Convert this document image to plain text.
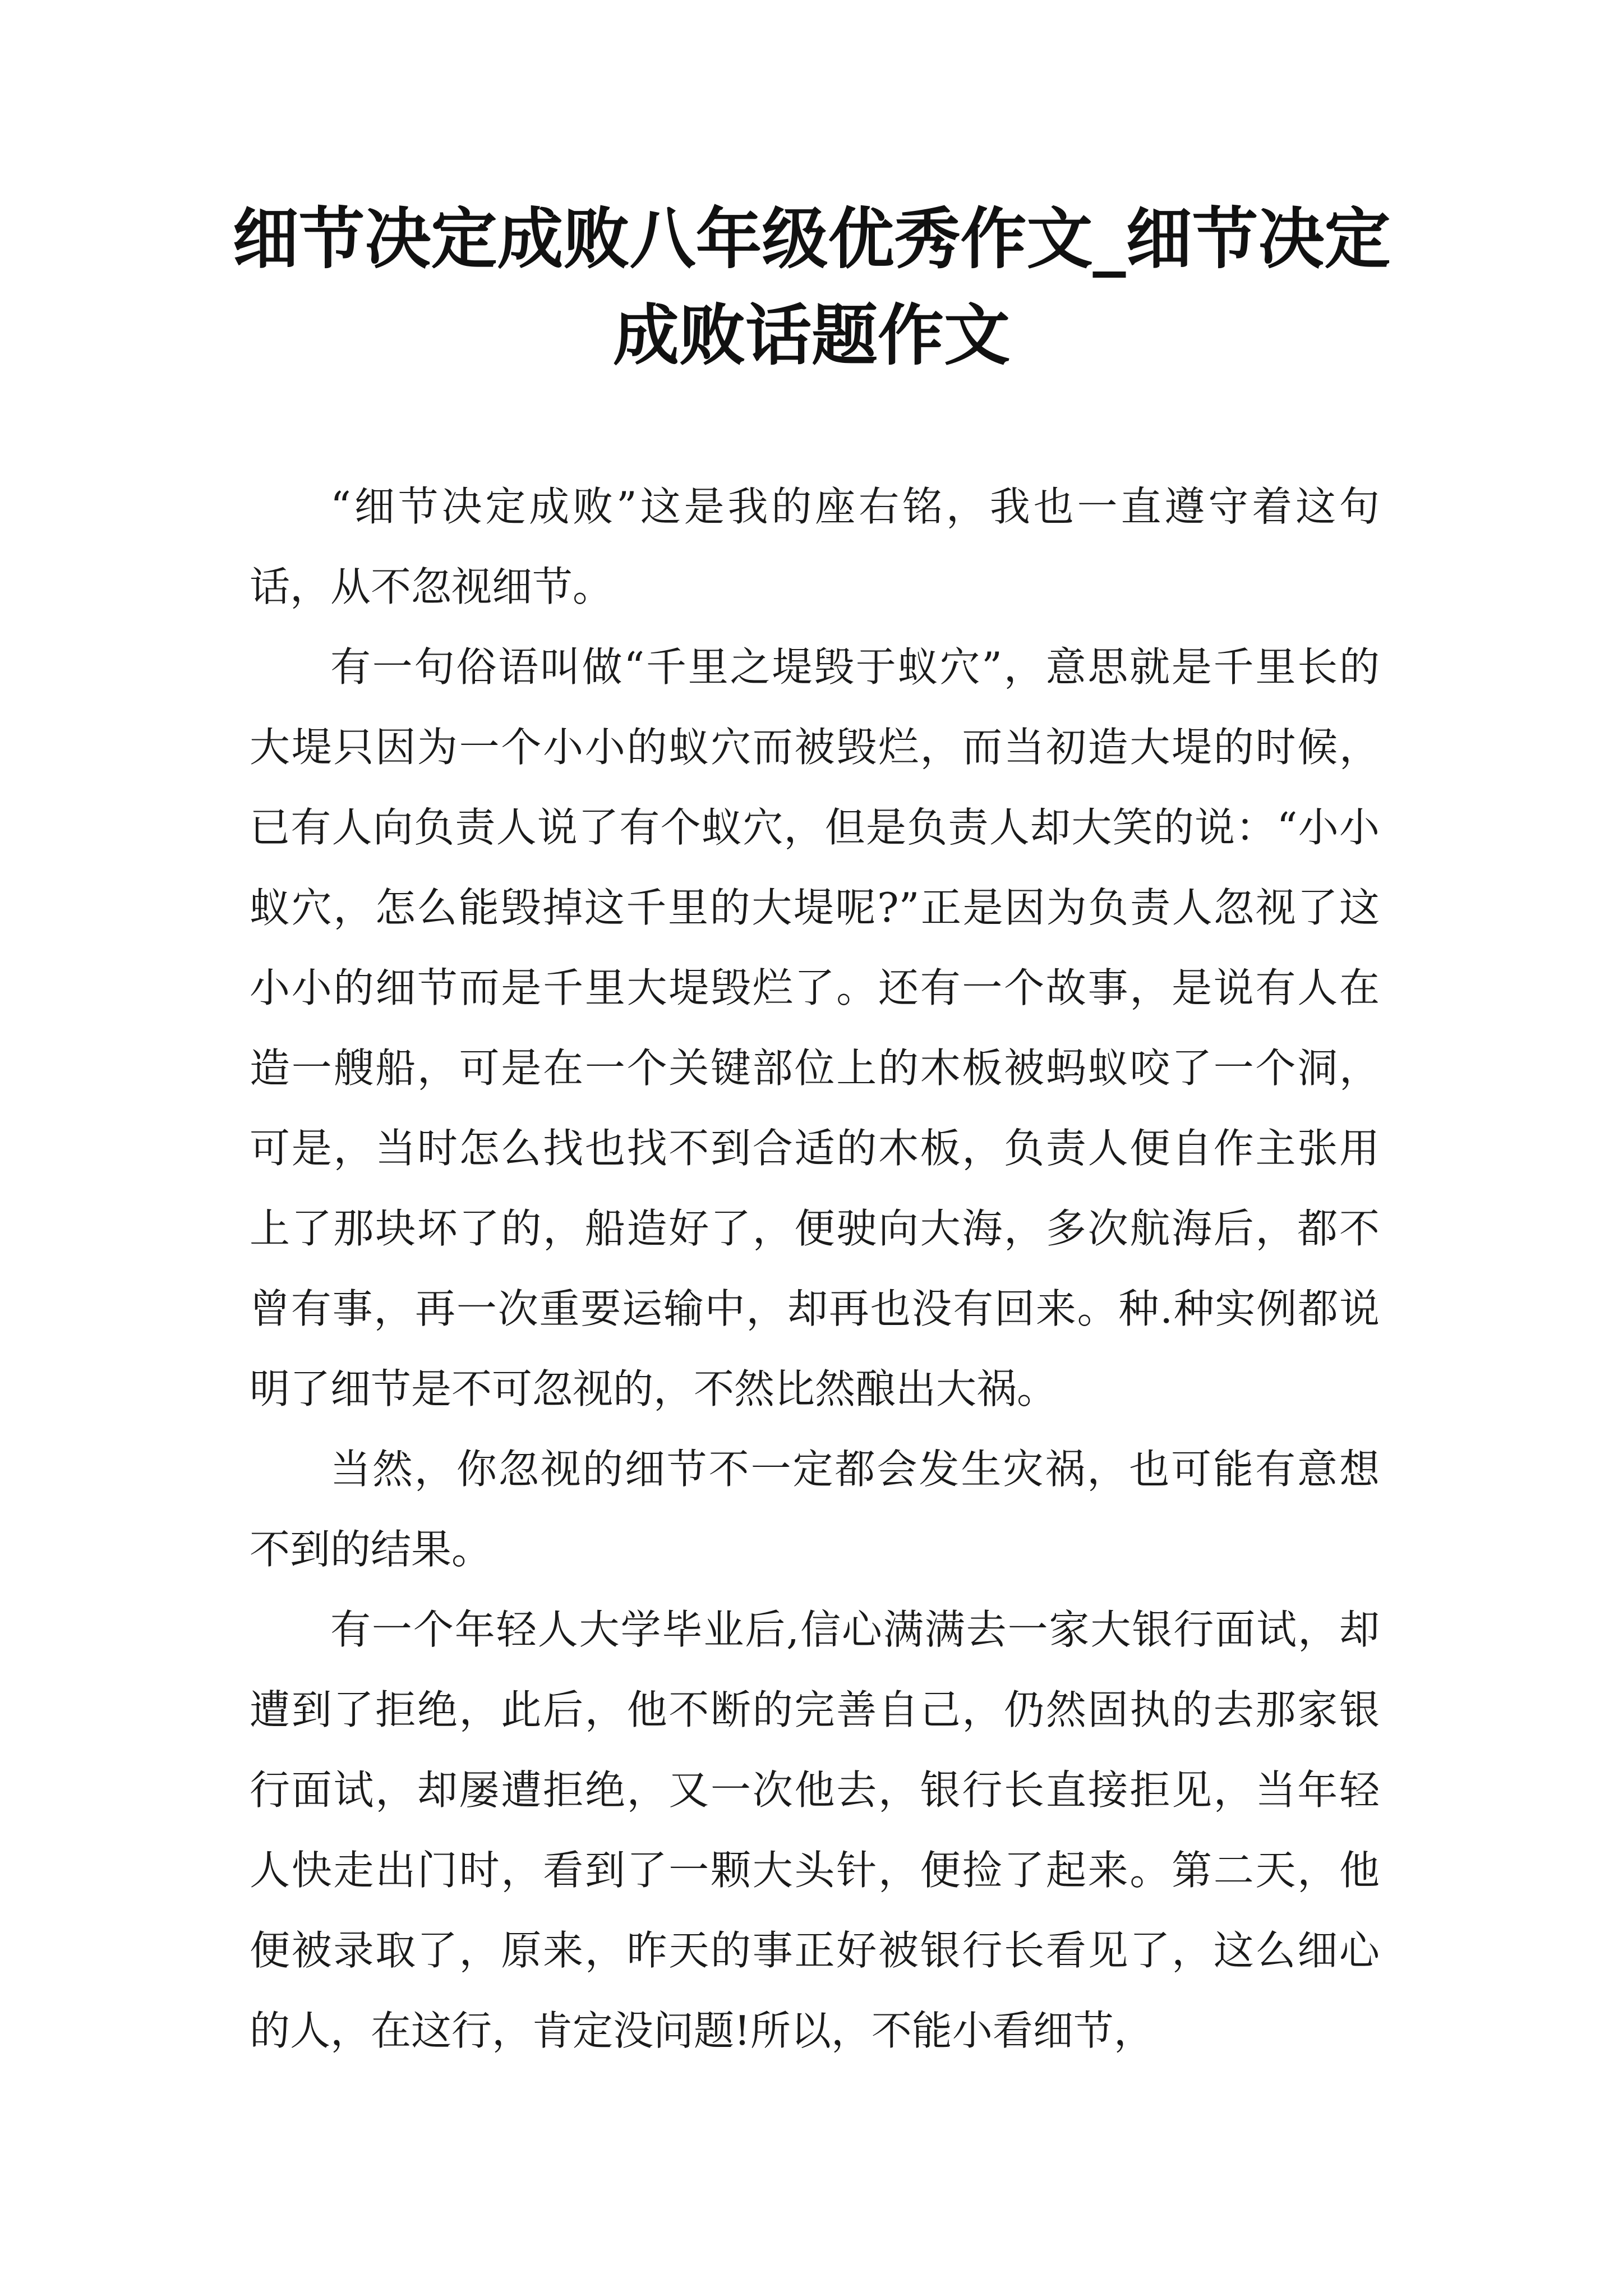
细节决定成败八年级优秀作文_细节决定成败话题作文

“细节决定成败”这是我的座右铭，我也一直遵守着这句话，从不忽视细节。

有一句俗语叫做“千里之堤毁于蚁穴”，意思就是千里长的大堤只因为一个小小的蚁穴而被毁烂，而当初造大堤的时候，已有人向负责人说了有个蚁穴，但是负责人却大笑的说：“小小蚁穴，怎么能毁掉这千里的大堤呢?”正是因为负责人忽视了这小小的细节而是千里大堤毁烂了。还有一个故事，是说有人在造一艘船，可是在一个关键部位上的木板被蚂蚁咬了一个洞，可是，当时怎么找也找不到合适的木板，负责人便自作主张用上了那块坏了的，船造好了，便驶向大海，多次航海后，都不曾有事，再一次重要运输中，却再也没有回来。种.种实例都说明了细节是不可忽视的，不然比然酿出大祸。

当然，你忽视的细节不一定都会发生灾祸，也可能有意想不到的结果。

有一个年轻人大学毕业后,信心满满去一家大银行面试，却遭到了拒绝，此后，他不断的完善自己，仍然固执的去那家银行面试，却屡遭拒绝，又一次他去，银行长直接拒见，当年轻人快走出门时，看到了一颗大头针，便捡了起来。第二天，他便被录取了，原来，昨天的事正好被银行长看见了，这么细心的人，在这行，肯定没问题!所以，不能小看细节，
